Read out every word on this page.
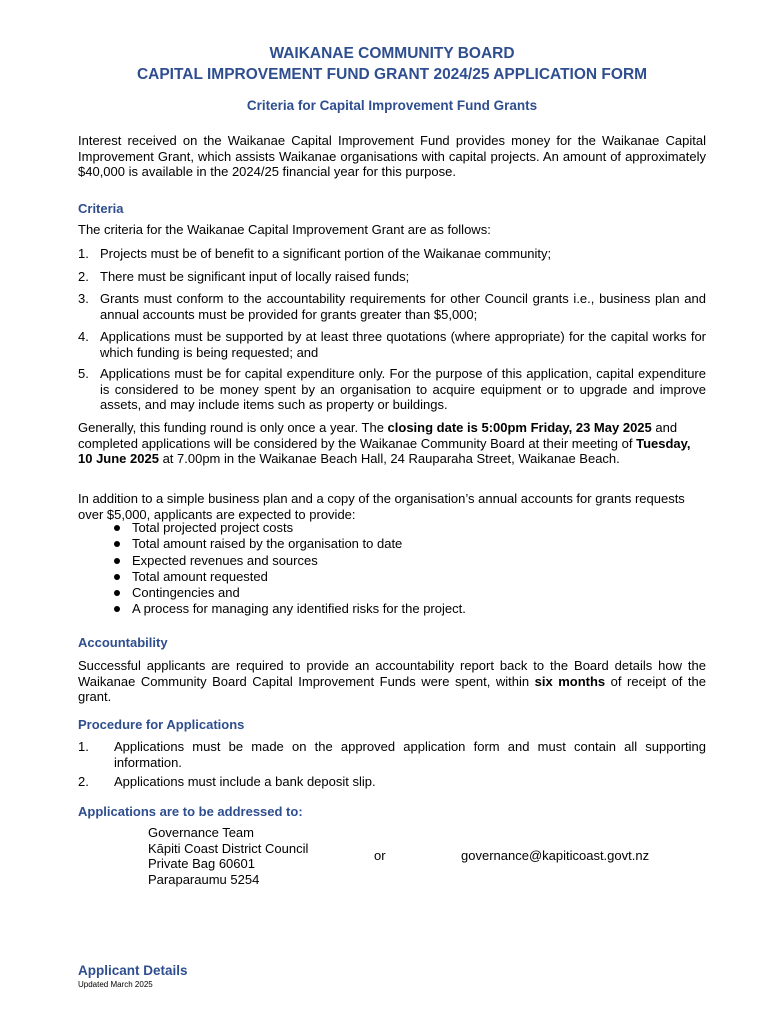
WAIKANAE COMMUNITY BOARD
CAPITAL IMPROVEMENT FUND GRANT 2024/25 APPLICATION FORM
Criteria for Capital Improvement Fund Grants
Interest received on the Waikanae Capital Improvement Fund provides money for the Waikanae Capital Improvement Grant, which assists Waikanae organisations with capital projects. An amount of approximately $40,000 is available in the 2024/25 financial year for this purpose.
Criteria
The criteria for the Waikanae Capital Improvement Grant are as follows:
1. Projects must be of benefit to a significant portion of the Waikanae community;
2. There must be significant input of locally raised funds;
3. Grants must conform to the accountability requirements for other Council grants i.e., business plan and annual accounts must be provided for grants greater than $5,000;
4. Applications must be supported by at least three quotations (where appropriate) for the capital works for which funding is being requested; and
5. Applications must be for capital expenditure only. For the purpose of this application, capital expenditure is considered to be money spent by an organisation to acquire equipment or to upgrade and improve assets, and may include items such as property or buildings.
Generally, this funding round is only once a year. The closing date is 5:00pm Friday, 23 May 2025 and completed applications will be considered by the Waikanae Community Board at their meeting of Tuesday, 10 June 2025 at 7.00pm in the Waikanae Beach Hall, 24 Rauparaha Street, Waikanae Beach.
In addition to a simple business plan and a copy of the organisation’s annual accounts for grants requests over $5,000, applicants are expected to provide:
Total projected project costs
Total amount raised by the organisation to date
Expected revenues and sources
Total amount requested
Contingencies and
A process for managing any identified risks for the project.
Accountability
Successful applicants are required to provide an accountability report back to the Board details how the Waikanae Community Board Capital Improvement Funds were spent, within six months of receipt of the grant.
Procedure for Applications
1. Applications must be made on the approved application form and must contain all supporting information.
2. Applications must include a bank deposit slip.
Applications are to be addressed to:
Governance Team
Kāpiti Coast District Council
Private Bag 60601
Paraparaumu 5254
or	governance@kapiticoast.govt.nz
Applicant Details
Updated March 2025
